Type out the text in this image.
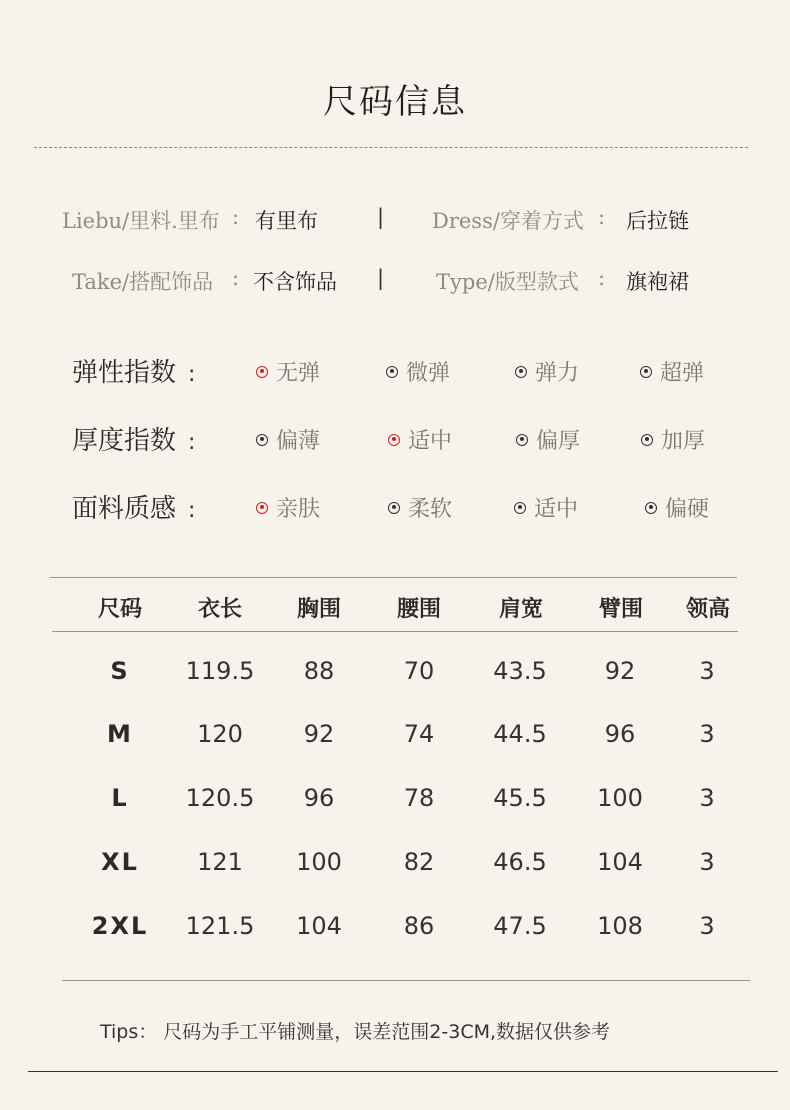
尺码信息
Liebu/里料.里布 : 有里布	| Dress/穿着方式 : 后拉链
Take/搭配饰品 : 不含饰品 | Type/版型款式 : 旗袍裙
弹性指数 :	无弹	微弹	弹力	超弹
厚度指数 :	偏薄	适中	偏厚	加厚
面料质感 :	亲肤	柔软	适中	偏硬
尺码	衣长	胸围	腰围	肩宽	臂围	领高
S	119.5	88	70	43.5	92	3
M	120	92	74	44.5	96	3
L	120.5	96	78	45.5	100	3
XL	121	100	82	46.5	104	3
2XL	121.5	104	86	47.5	108	3
Tips： 尺码为手工平铺测量，误差范围2-3CM,数据仅供参考
